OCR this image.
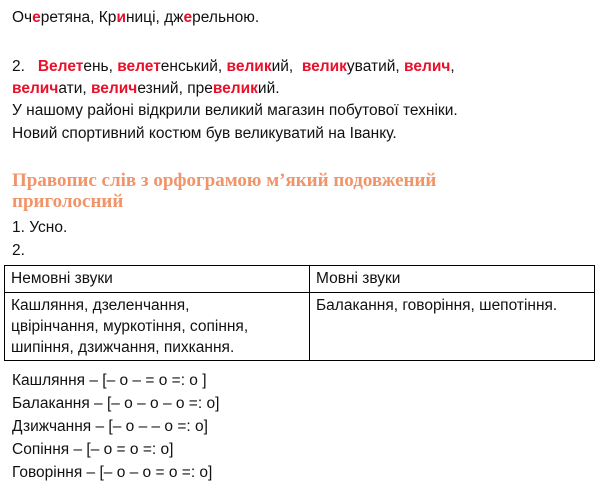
Очеретяна, Криниці, джерельною.
2.   Велетень, велетенський, великий,  великуватий, велич,
величати, величезний, превеликий.
У нашому районі відкрили великий магазин побутової техніки.
Новий спортивний костюм був великуватий на Іванку.
Правопис слів з орфограмою м’який подовжений приголосний
1. Усно.
2.
Немовні звуки	Мовні звуки

Кашляння, дзеленчання,
цвірінчання, муркотіння, сопіння,
шипіння, дзижчання, пихкання.	Балакання, говоріння, шепотіння.
Кашляння – [– о – = о =: о ]
Балакання – [– о – о – о =: о]
Дзижчання – [– о – – о =: о]
Сопіння – [– о = о =: о]
Говоріння – [– о – о = о =: о]
